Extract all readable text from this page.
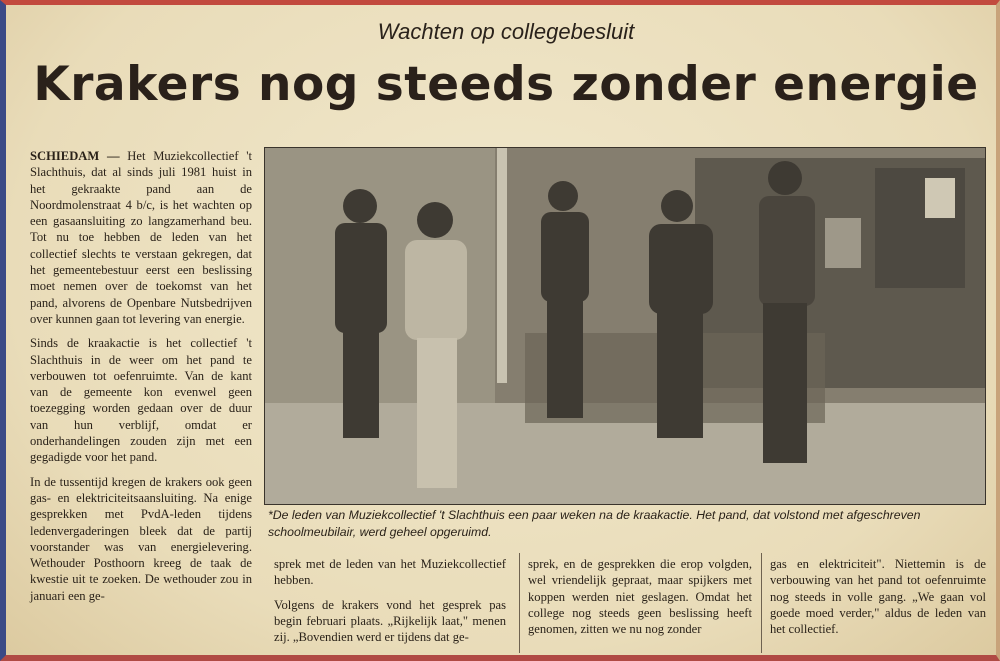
Wachten op collegebesluit
Krakers nog steeds zonder energie

SCHIEDAM — Het Muziekcollectief 't Slachthuis, dat al sinds juli 1981 huist in het gekraakte pand aan de Noordmolenstraat 4 b/c, is het wachten op een gasaansluiting zo langzamerhand beu. Tot nu toe hebben de leden van het collectief slechts te verstaan gekregen, dat het gemeentebestuur eerst een beslissing moet nemen over de toekomst van het pand, alvorens de Openbare Nutsbedrijven over kunnen gaan tot levering van energie.

Sinds de kraakactie is het collectief 't Slachthuis in de weer om het pand te verbouwen tot oefenruimte. Van de kant van de gemeente kon evenwel geen toezegging worden gedaan over de duur van hun verblijf, omdat er onderhandelingen zouden zijn met een gegadigde voor het pand.

In de tussentijd kregen de krakers ook geen gas- en elektriciteitsaansluiting. Na enige gesprekken met PvdA-leden tijdens ledenvergaderingen bleek dat de partij voorstander was van energielevering. Wethouder Posthoorn kreeg de taak de kwestie uit te zoeken. De wethouder zou in januari een ge-

*De leden van Muziekcollectief 't Slachthuis een paar weken na de kraakactie. Het pand, dat volstond met afgeschreven schoolmeubilair, werd geheel opgeruimd.

sprek met de leden van het Muziekcollectief hebben.

Volgens de krakers vond het gesprek pas begin februari plaats. „Rijkelijk laat," menen zij. „Bovendien werd er tijdens dat ge-

sprek, en de gesprekken die erop volgden, wel vriendelijk gepraat, maar spijkers met koppen werden niet geslagen. Omdat het college nog steeds geen beslissing heeft genomen, zitten we nu nog zonder

gas en elektriciteit". Niettemin is de verbouwing van het pand tot oefenruimte nog steeds in volle gang. „We gaan vol goede moed verder," aldus de leden van het collectief.
